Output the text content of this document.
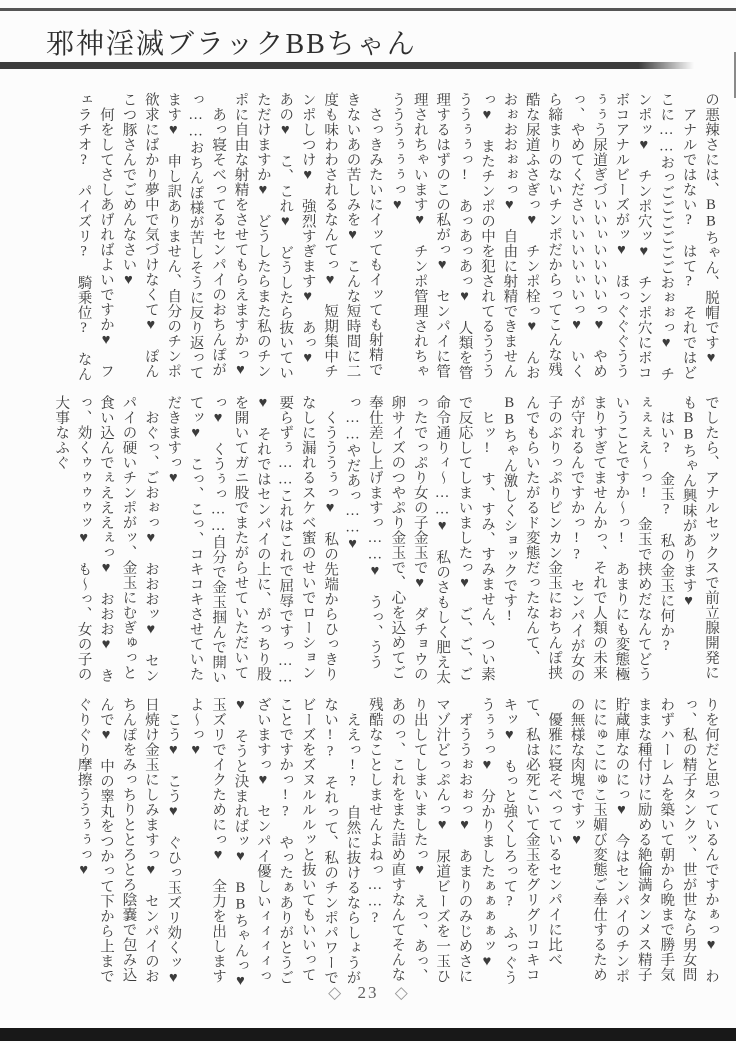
邪神淫滅ブラックBBちゃん

の悪辣さには、BBちゃん、脱帽です♥

アナルではない?　はて?　それではどこに……おっごごごごごごおぉぉっ♥　チンポッ♥　チンポ穴ッ♥　チンポ穴にボコボコアナルビーズがッ♥　ほっぐぐぐううぅぅう尿道ぎづいいぃいいいいっ♥　やめっ、やめてくださいいいいぃいっ♥　いくら締まりのないチンポだからってこんな残酷な尿道ふさぎっ♥　チンポ栓っ♥　んおおぉおおぉぉっ♥　自由に射精できませんっ♥　またチンポの中を犯されてるうううううぅぅっ!　あっあっあっ♥　人類を管理するはずのこの私がっ♥　センパイに管理されちゃいます♥　チンポ管理されちゃうううぅぅぅっ♥

さっきみたいにイッてもイッても射精できないあの苦しみを♥　こんな短時間に二度も味わわされるなんてっ♥　短期集中チンポしつけ♥　強烈すぎます♥　あっ♥　あの♥　こ、これ♥　どうしたら抜いていただけますか♥　どうしたらまた私のチンポに自由な射精をさせてもらえますかっ♥

あっ寝そべってるセンパイのおちんぽがっ……おちんぽ様が苦しそうに反り返ってます♥　申し訳ありません、自分のチンポ欲求にばかり夢中で気づけなくて♥　ぽんこつ豚さんでごめんなさい♥

何をしてさしあげればよいですか♥　フェラチオ?　パイズリ?　騎乗位?　なん

でしたら、アナルセックスで前立腺開発にもBBちゃん興味があります♥

はい?　金玉?　私の金玉に何か?

ぇぇぇえ〜っ!　金玉で挟めだなんてどういうことですか〜っ!　あまりにも変態極まりすぎてませんかっ、それで人類の未来が守れるんですかっ!?　センパイが女の子のぶりっぷりピンカン金玉におちんぽ挟んでもらいたがるド変態だったなんて、BBちゃん激しくショックです!

ヒッ!　す、すみ、すみません、つい素で反応してしまいましたっ♥　ご、ご、ご命令通りィ〜……♥　私のさもしく肥え太ったでっぷり女の子金玉で♥　ダチョウの卵サイズのつやぷり金玉で、心を込めてご奉仕差し上げますっ……♥　うっ、ううっ……やだあっ……♥

くうううぅっ♥　私の先端からひっきりなしに漏れるスケベ蜜のせいでローション要らずぅ……これはこれで屈辱ですっ……♥　それではセンパイの上に、がっちり股を開いてガニ股でまたがらせていただいてっ♥　くうぅっ……自分で金玉掴んで開いてッ♥　こっ、こっ、コキコキさせていただきますっ♥

おぐっ、ごおぉっ♥　おおおッ♥　センパイの硬いチンポがッ、金玉にむぎゅっと食い込んでぇえええぇっ♥　おおお♥　きっ、効くゥゥゥゥッ♥　も〜っ、女の子の大事なふぐ

りを何だと思っているんですかぁっ♥　わっ、私の精子タンクッ、世が世なら男女問わずハーレムを築いて朝から晩まで勝手気ままな種付けに励める絶倫満タンメス精子貯蔵庫なのにっ♥　今はセンパイのチンポににゅこにゅこ玉媚び変態ご奉仕するための無様な肉塊ですッ♥

優雅に寝そべっているセンパイに比べて、私は必死こいて金玉をグリグリコキコキッ♥　もっと強くしろって?　ふっぐううぅぅっ♥　分かりましたぁぁぁぁッ♥

オ゙ううぉおぉっ♥　あまりのみじめさにマゾ汁どっぷんっ♥　尿道ビーズを一玉ひり出してしまいましたっ♥　えっ、あっ、あのっ、これをまた詰め直すなんてそんな残酷なことしませんよねっ……?

ええっ!?　自然に抜けるならしょうがない!?　それって、私のチンポパワーでビーズをズヌルルルッと抜いてもいいってことですかっ!?　やったぁありがとうございますっ♥　センパイ優しいィィィィっ♥　そうと決まればッ♥　BBちゃんっ♥　玉ズリでイクためにっ♥　全力を出しますよ〜っ♥

こう♥　こう♥　ぐひっ玉ズリ効くッ♥　日焼け金玉にしみますっ♥　センパイのおちんぽをみっちりととろとろ陰嚢で包み込んで♥　中の睾丸をつかって下から上までぐりぐり摩擦ううぅぅっ♥

◇ 23 ◇
